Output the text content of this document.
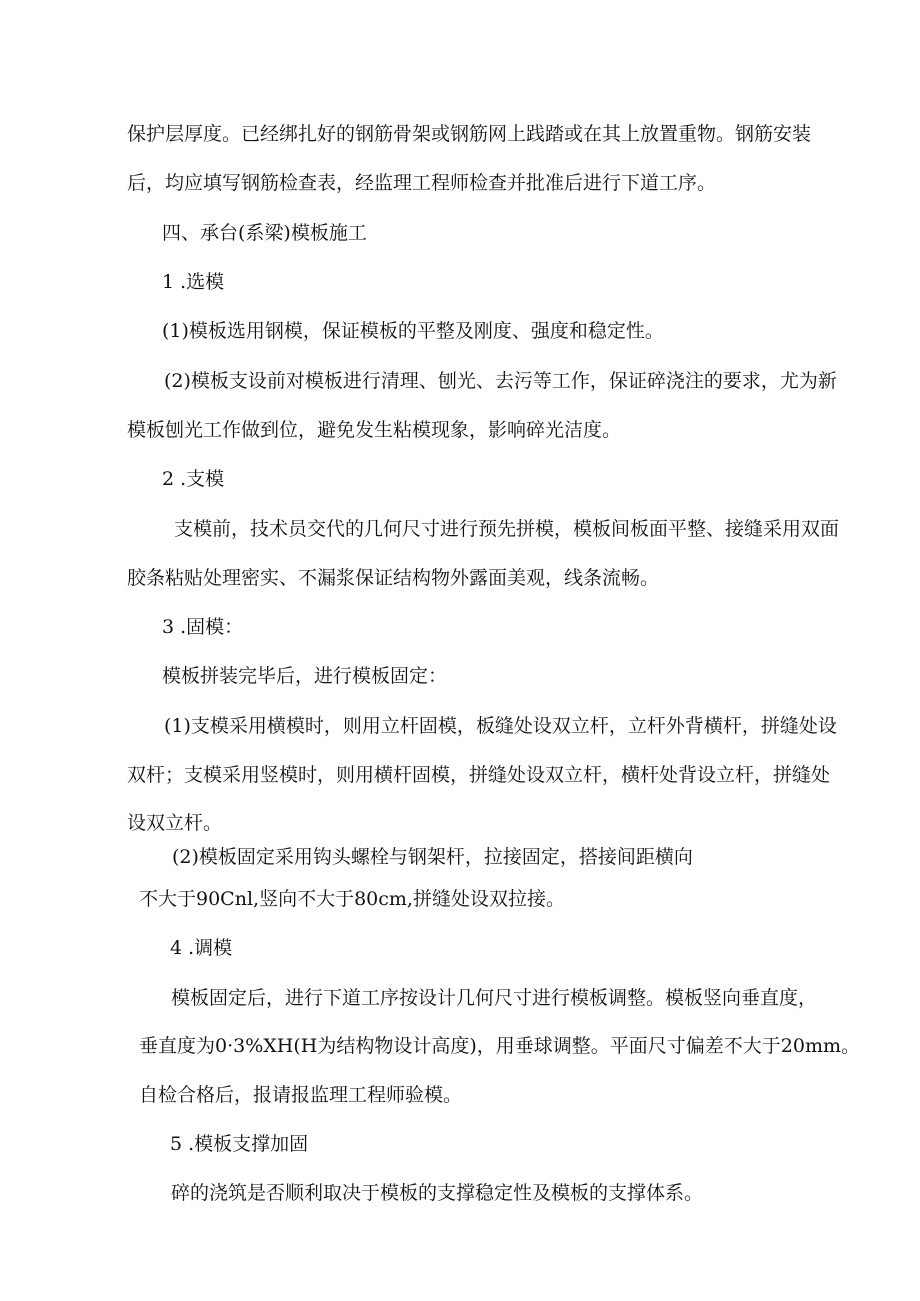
保护层厚度。已经绑扎好的钢筋骨架或钢筋网上践踏或在其上放置重物。钢筋安装

后，均应填写钢筋检查表，经监理工程师检查并批准后进行下道工序。

四、承台(系梁)模板施工

1 .选模

(1)模板选用钢模，保证模板的平整及刚度、强度和稳定性。

(2)模板支设前对模板进行清理、刨光、去污等工作，保证碎浇注的要求，尤为新

模板刨光工作做到位，避免发生粘模现象，影响碎光洁度。

2 .支模

支模前，技术员交代的几何尺寸进行预先拼模，模板间板面平整、接缝采用双面

胶条粘贴处理密实、不漏浆保证结构物外露面美观，线条流畅。

3 .固模：

模板拼装完毕后，进行模板固定：

(1)支模采用横模时，则用立杆固模，板缝处设双立杆，立杆外背横杆，拼缝处设

双杆；支模采用竖模时，则用横杆固模，拼缝处设双立杆，横杆处背设立杆，拼缝处

设双立杆。

(2)模板固定采用钩头螺栓与钢架杆，拉接固定，搭接间距横向

不大于90Cnl,竖向不大于80cm,拼缝处设双拉接。

4 .调模

模板固定后，进行下道工序按设计几何尺寸进行模板调整。模板竖向垂直度，

垂直度为0·3%XH(H为结构物设计高度)，用垂球调整。平面尺寸偏差不大于20mm。

自检合格后，报请报监理工程师验模。

5 .模板支撑加固

碎的浇筑是否顺利取决于模板的支撑稳定性及模板的支撑体系。
